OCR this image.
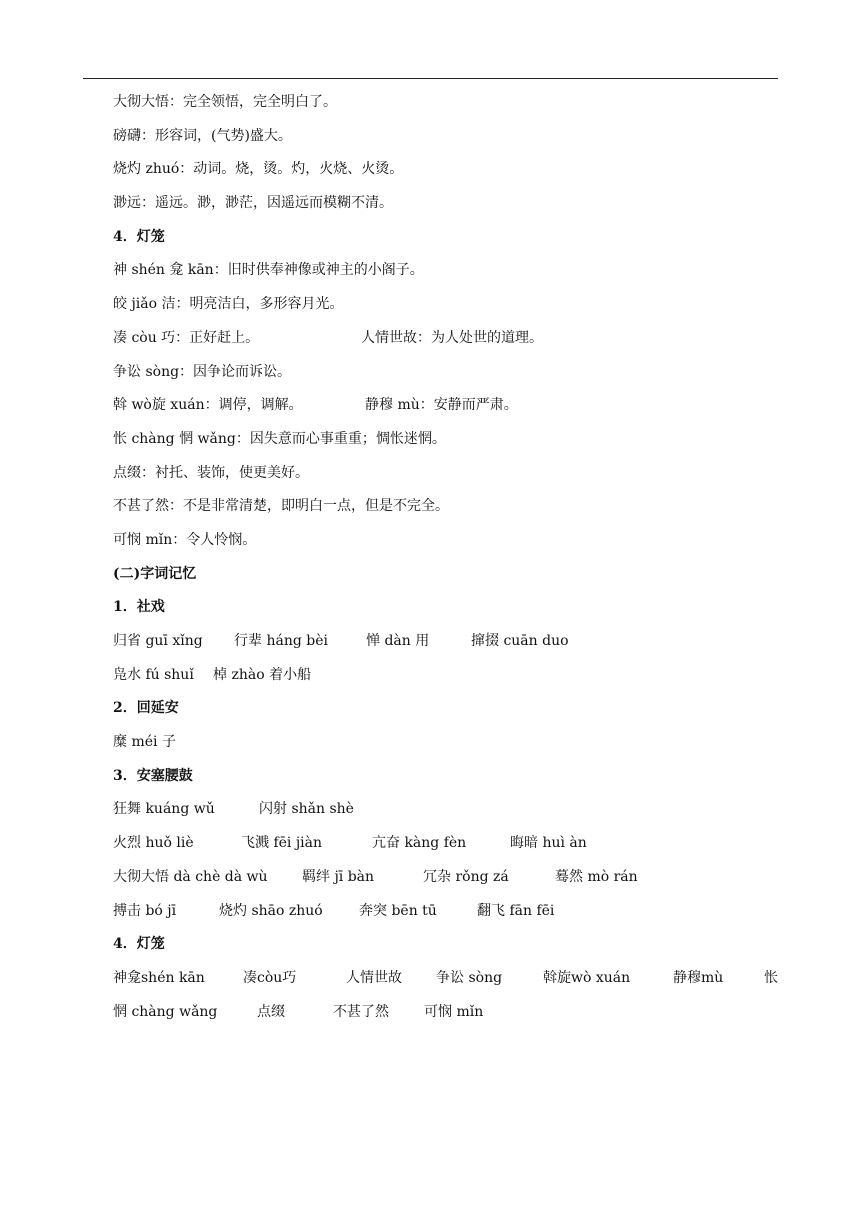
大彻大悟：完全领悟，完全明白了。
磅礴：形容词，(气势)盛大。
烧灼 zhuó：动词。烧，烫。灼，火烧、火烫。
渺远：遥远。渺，渺茫，因遥远而模糊不清。
4．灯笼
神 shén 龛 kān：旧时供奉神像或神主的小阁子。
皎 jiǎo 洁：明亮洁白，多形容月光。
凑 còu 巧：正好赶上。	人情世故：为人处世的道理。
争讼 sòng：因争论而诉讼。
斡 wò旋 xuán：调停，调解。	静穆 mù：安静而严肃。
怅 chàng 惘 wǎng：因失意而心事重重；惆怅迷惘。
点缀：衬托、装饰，使更美好。
不甚了然：不是非常清楚，即明白一点，但是不完全。
可悯 mǐn：令人怜悯。
(二)字词记忆
1．社戏
归省 guī xǐng 行辈 háng bèi	惮 dàn 用	撺掇 cuān duo
凫水 fú shuǐ 棹 zhào 着小船
2．回延安
糜 méi 子
3．安塞腰鼓
狂舞 kuáng wǔ	闪射 shǎn shè
火烈 huǒ liè	飞溅 fēi jiàn	亢奋 kàng fèn	晦暗 huì àn
大彻大悟 dà chè dà wù 羁绊 jī bàn	冗杂 rǒng zá	蓦然 mò rán
搏击 bó jī	烧灼 shāo zhuó	奔突 bēn tū	翻飞 fān fēi
4．灯笼
神龛shén kān	凑còu巧	人情世故 争讼 sòng	斡旋wò xuán	静穆mù	怅
惘 chàng wǎng	点缀	不甚了然	可悯 mǐn
